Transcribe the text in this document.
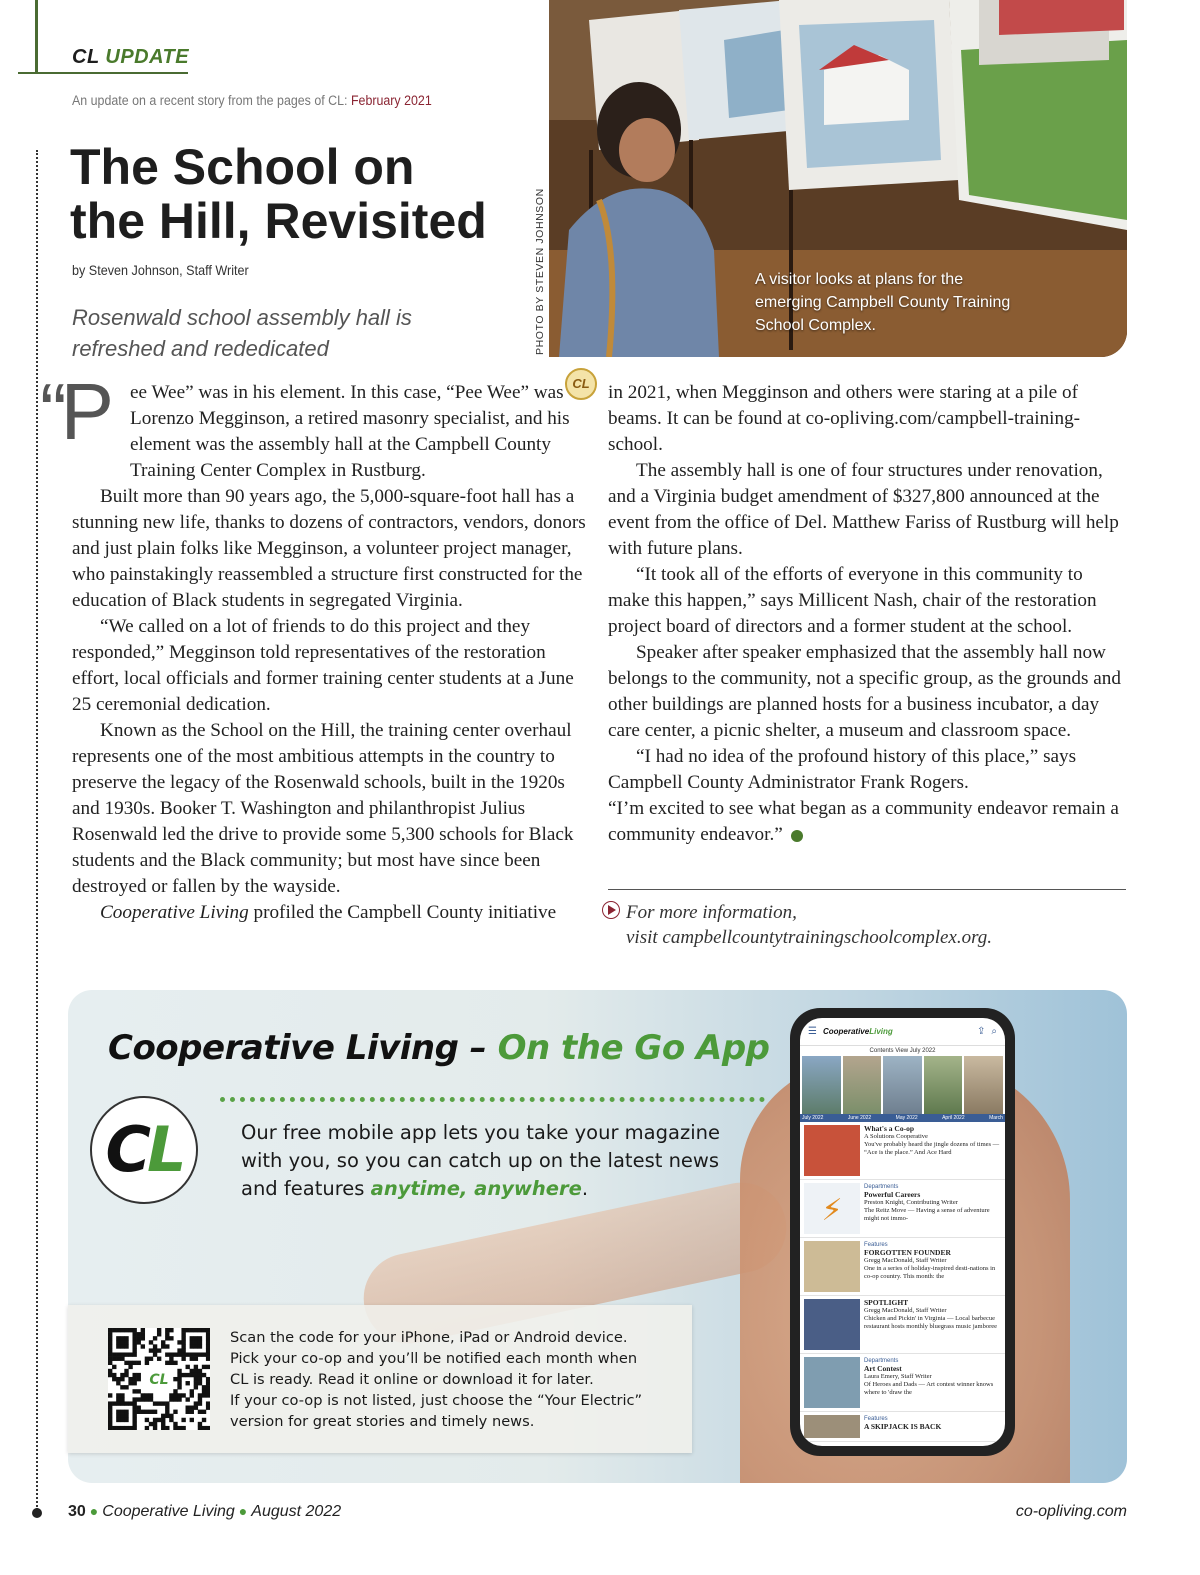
CL UPDATE
An update on a recent story from the pages of CL: February 2021
The School on
the Hill, Revisited
by Steven Johnson, Staff Writer
Rosenwald school assembly hall is refreshed and rededicated	PHOTO BY STEVEN JOHNSON	A visitor looks at plans for the emerging Campbell County Training School Complex.
“P	CL

ee Wee” was in his element. In this case, “Pee Wee” was Lorenzo Megginson, a retired masonry specialist, and his element was the assembly hall at the Campbell County Training Center Complex in Rustburg.

Built more than 90 years ago, the 5,000-square-foot hall has a stunning new life, thanks to dozens of contractors, vendors, donors and just plain folks like Megginson, a volunteer project manager, who painstakingly reassembled a structure first constructed for the education of Black students in segregated Virginia.

“We called on a lot of friends to do this project and they responded,” Megginson told representatives of the restoration effort, local officials and former training center students at a June 25 ceremonial dedication.

Known as the School on the Hill, the training center overhaul represents one of the most ambitious attempts in the country to preserve the legacy of the Rosenwald schools, built in the 1920s and 1930s. Booker T. Washington and philanthropist Julius Rosenwald led the drive to provide some 5,300 schools for Black students and the Black community; but most have since been destroyed or fallen by the wayside.

Cooperative Living profiled the Campbell County initiative

in 2021, when Megginson and others were staring at a pile of beams. It can be found at co-opliving.com/campbell-training-school.

The assembly hall is one of four structures under renovation, and a Virginia budget amendment of $327,800 announced at the event from the office of Del. Matthew Fariss of Rustburg will help with future plans.

“It took all of the efforts of everyone in this community to make this happen,” says Millicent Nash, chair of the restoration project board of directors and a former student at the school.

Speaker after speaker emphasized that the assembly hall now belongs to the community, not a specific group, as the grounds and other buildings are planned hosts for a business incubator, a day care center, a picnic shelter, a museum and classroom space.

“I had no idea of the profound history of this place,” says Campbell County Administrator Frank Rogers.

“I’m excited to see what began as a community endeavor remain a community endeavor.”

For more information,
visit campbellcountytrainingschoolcomplex.org.
Cooperative Living – On the Go App
CL	Our free mobile app lets you take your magazine with you, so you can catch up on the latest news and features anytime, anywhere.
CL
Scan the code for your iPhone, iPad or Android device.
Pick your co-op and you’ll be notified each month when
CL is ready. Read it online or download it for later.
If your co-op is not listed, just choose the “Your Electric”
version for great stories and timely news.
☰ CooperativeLiving	⇪ ⌕
Contents View July 2022
July 2022	June 2022	May 2022	April 2022	March
What's a Co-op
A Solutions Cooperative
You've probably heard the jingle dozens of times — “Ace is the place.” And Ace Hard
⚡
Departments
Powerful Careers
Preston Knight, Contributing Writer
The Reitz Move — Having a sense of adventure might not immo-
Features
FORGOTTEN FOUNDER
Gregg MacDonald, Staff Writer
One in a series of holiday-inspired desti-nations in co-op country. This month: the
SPOTLIGHT
Gregg MacDonald, Staff Writer
Chicken and Pickin' in Virginia — Local barbecue restaurant hosts monthly bluegrass music jamboree
Departments
Art Contest
Laura Emery, Staff Writer
Of Heroes and Dads — Art contest winner knows where to 'draw the
Features
A SKIPJACK IS BACK
30 ● Cooperative Living ● August 2022	co-opliving.com
